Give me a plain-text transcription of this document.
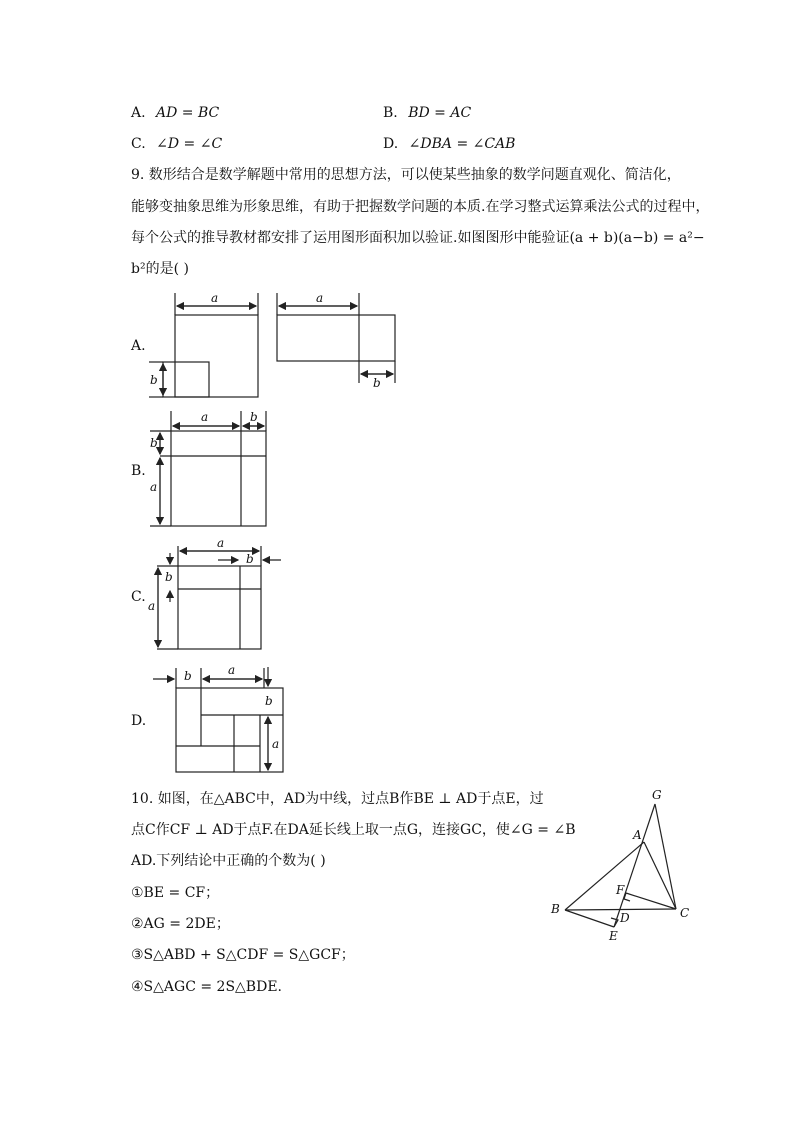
A. AD = BC	B. BD = AC
C. ∠D = ∠C	D. ∠DBA = ∠CAB
9. 数形结合是数学解题中常用的思想方法，可以使某些抽象的数学问题直观化、简洁化，
能够变抽象思维为形象思维，有助于把握数学问题的本质.在学习整式运算乘法公式的过程中，
每个公式的推导教材都安排了运用图形面积加以验证.如图图形中能验证(a + b)(a−b) = a²−
b²的是( )
A.
B.
C.
D.
a
b
a
b
a	b
b
a
a
b
a
b
a
b
b
a
10. 如图，在△ABC中，AD为中线，过点B作BE ⊥ AD于点E，过
点C作CF ⊥ AD于点F.在DA延长线上取一点G，连接GC，使∠G = ∠B
AD.下列结论中正确的个数为( )
①BE = CF；
②AG = 2DE；
③S△ABD + S△CDF = S△GCF；
④S△AGC = 2S△BDE.
G
A
F
B
D	C
E
